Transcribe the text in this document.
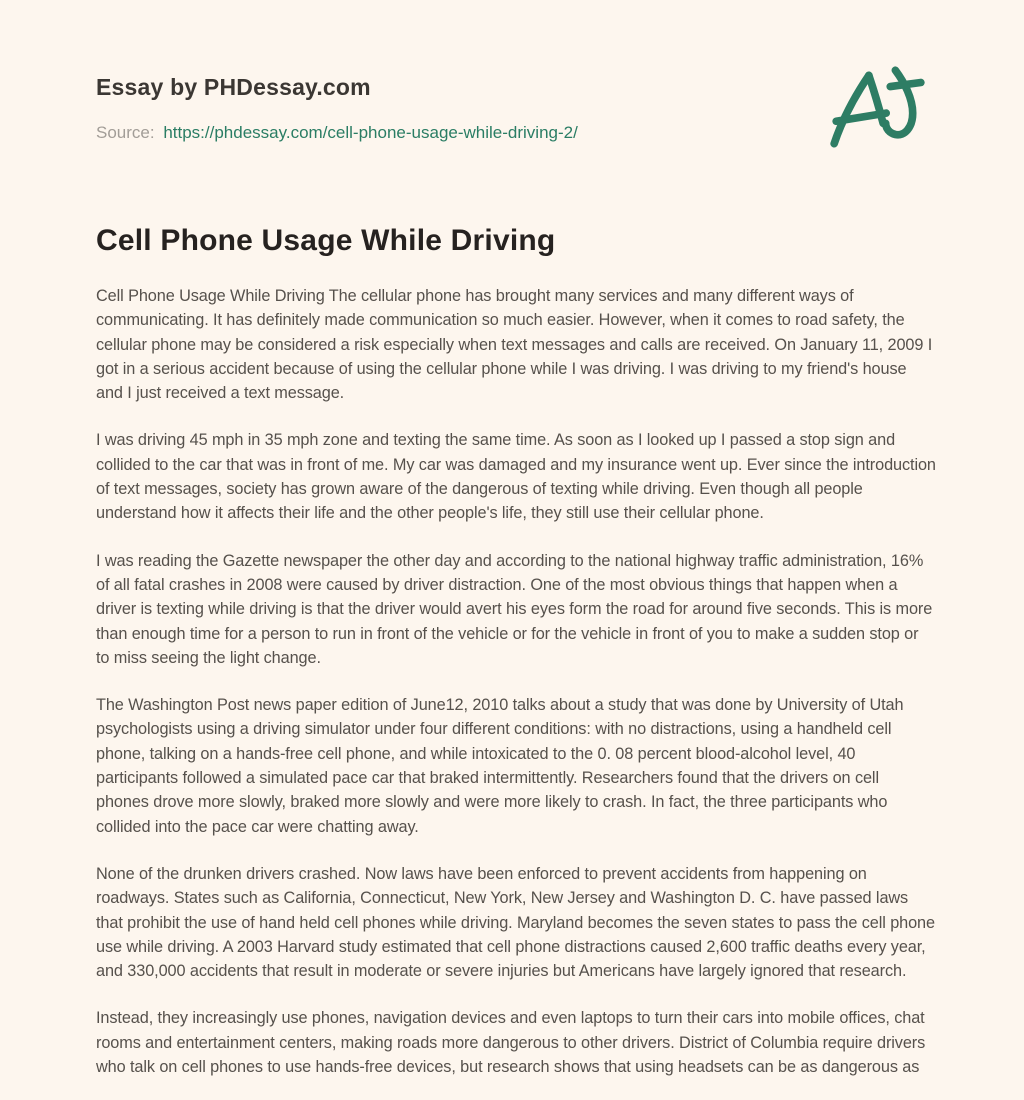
Essay by PHDessay.com
Source: https://phdessay.com/cell-phone-usage-while-driving-2/
Cell Phone Usage While Driving

Cell Phone Usage While Driving The cellular phone has brought many services and many different ways of communicating. It has definitely made communication so much easier. However, when it comes to road safety, the cellular phone may be considered a risk especially when text messages and calls are received. On January 11, 2009 I got in a serious accident because of using the cellular phone while I was driving. I was driving to my friend's house and I just received a text message.

I was driving 45 mph in 35 mph zone and texting the same time. As soon as I looked up I passed a stop sign and collided to the car that was in front of me. My car was damaged and my insurance went up. Ever since the introduction of text messages, society has grown aware of the dangerous of texting while driving. Even though all people understand how it affects their life and the other people's life, they still use their cellular phone.

I was reading the Gazette newspaper the other day and according to the national highway traffic administration, 16% of all fatal crashes in 2008 were caused by driver distraction. One of the most obvious things that happen when a driver is texting while driving is that the driver would avert his eyes form the road for around five seconds. This is more than enough time for a person to run in front of the vehicle or for the vehicle in front of you to make a sudden stop or to miss seeing the light change.

The Washington Post news paper edition of June12, 2010 talks about a study that was done by University of Utah psychologists using a driving simulator under four different conditions: with no distractions, using a handheld cell phone, talking on a hands-free cell phone, and while intoxicated to the 0. 08 percent blood-alcohol level, 40 participants followed a simulated pace car that braked intermittently. Researchers found that the drivers on cell phones drove more slowly, braked more slowly and were more likely to crash. In fact, the three participants who collided into the pace car were chatting away.

None of the drunken drivers crashed. Now laws have been enforced to prevent accidents from happening on roadways. States such as California, Connecticut, New York, New Jersey and Washington D. C. have passed laws that prohibit the use of hand held cell phones while driving. Maryland becomes the seven states to pass the cell phone use while driving. A 2003 Harvard study estimated that cell phone distractions caused 2,600 traffic deaths every year, and 330,000 accidents that result in moderate or severe injuries but Americans have largely ignored that research.

Instead, they increasingly use phones, navigation devices and even laptops to turn their cars into mobile offices, chat rooms and entertainment centers, making roads more dangerous to other drivers. District of Columbia require drivers who talk on cell phones to use hands-free devices, but research shows that using headsets can be as dangerous as
